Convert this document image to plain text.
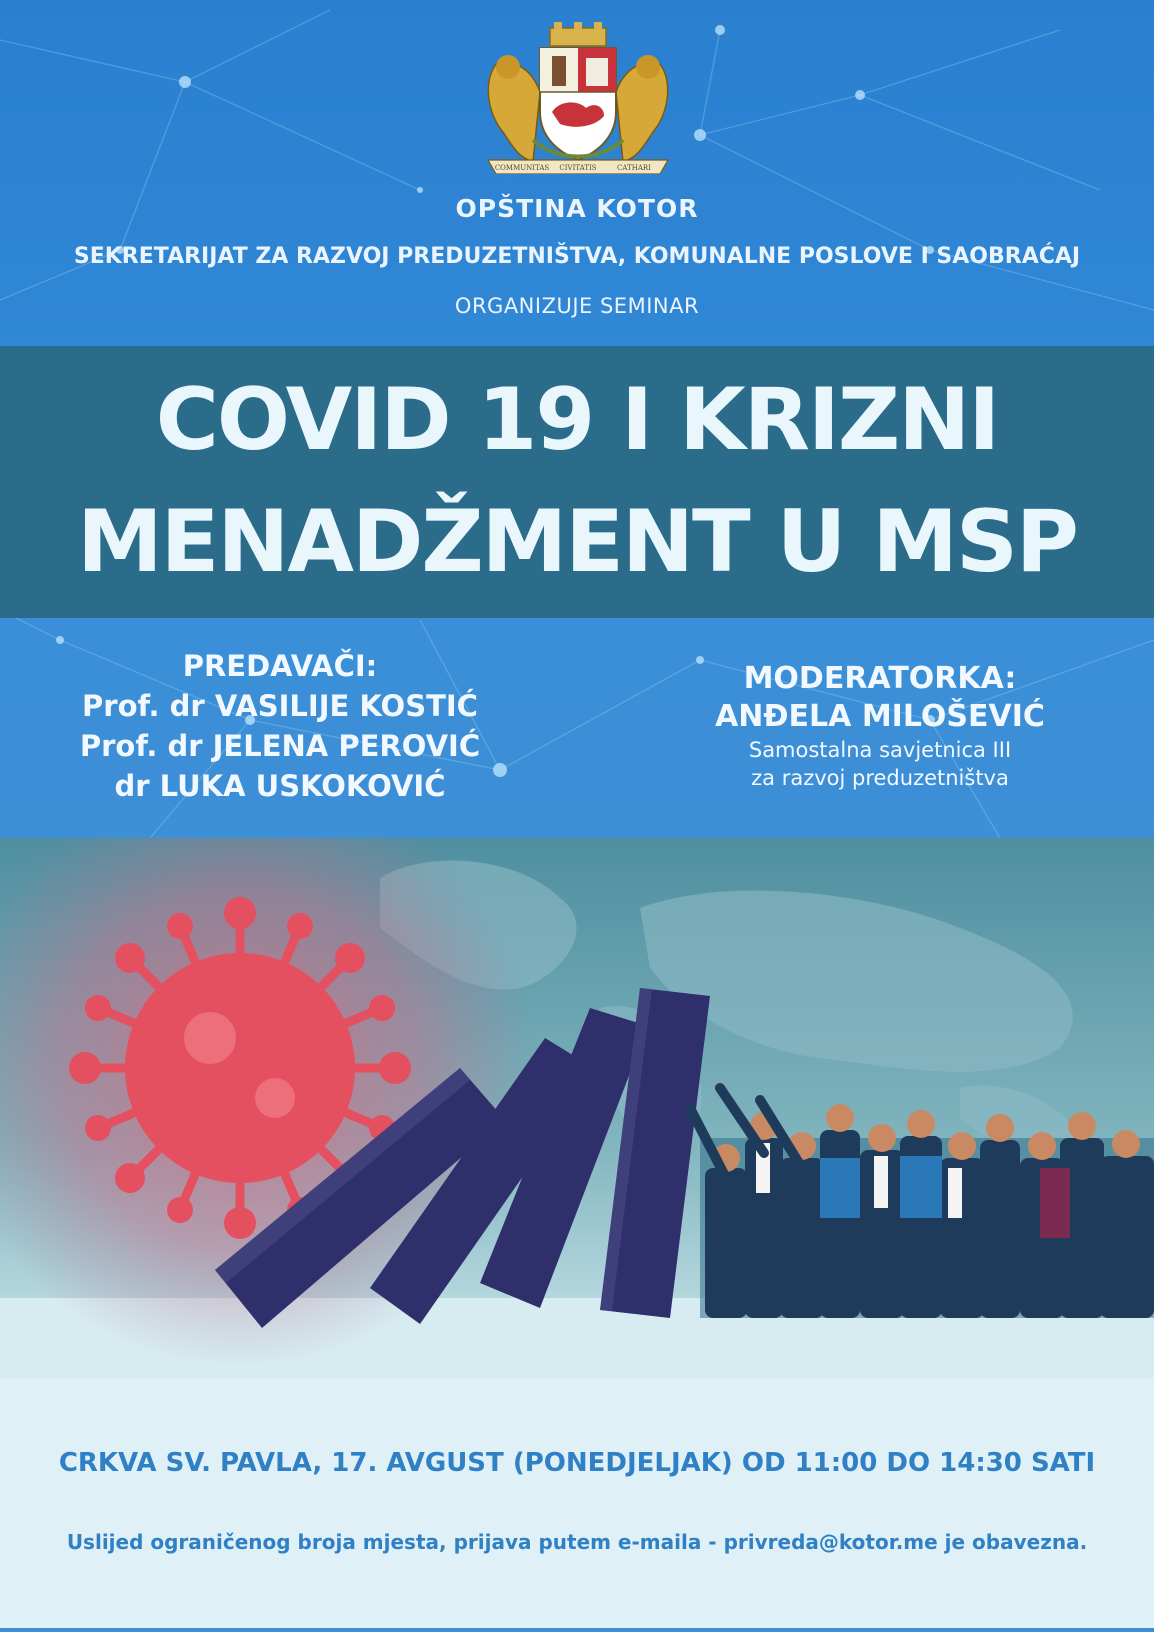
COMMUNITAS CIVITATIS	CATHARI
OPŠTINA KOTOR
SEKRETARIJAT ZA RAZVOJ PREDUZETNIŠTVA, KOMUNALNE POSLOVE I SAOBRAĆAJ
ORGANIZUJE SEMINAR
COVID 19 I KRIZNI
MENADŽMENT U MSP
PREDAVAČI:
Prof. dr VASILIJE KOSTIĆ
Prof. dr JELENA PEROVIĆ
dr LUKA USKOKOVIĆ
MODERATORKA:
ANĐELA MILOŠEVIĆ
Samostalna savjetnica III
za razvoj preduzetništva
CRKVA SV. PAVLA, 17. AVGUST (PONEDJELJAK) OD 11:00 DO 14:30 SATI
Uslijed ograničenog broja mjesta, prijava putem e-maila - privreda@kotor.me je obavezna.
